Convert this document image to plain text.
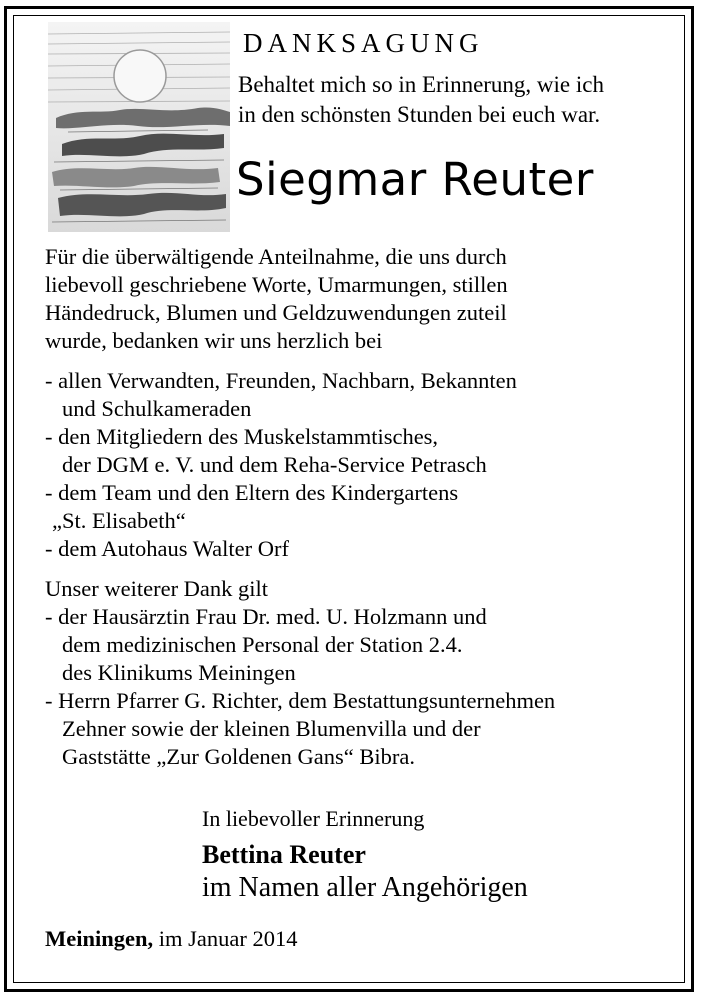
DANKSAGUNG
Behaltet mich so in Erinnerung, wie ich
in den schönsten Stunden bei euch war.
Siegmar Reuter
Für die überwältigende Anteilnahme, die uns durch
liebevoll geschriebene Worte, Umarmungen, stillen
Händedruck, Blumen und Geldzuwendungen zuteil
wurde, bedanken wir uns herzlich bei
- allen Verwandten, Freunden, Nachbarn, Bekannten
und Schulkameraden
- den Mitgliedern des Muskelstammtisches,
der DGM e. V. und dem Reha-Service Petrasch
- dem Team und den Eltern des Kindergartens
„St. Elisabeth“
- dem Autohaus Walter Orf
Unser weiterer Dank gilt
- der Hausärztin Frau Dr. med. U. Holzmann und
dem medizinischen Personal der Station 2.4.
des Klinikums Meiningen
- Herrn Pfarrer G. Richter, dem Bestattungsunternehmen
Zehner sowie der kleinen Blumenvilla und der
Gaststätte „Zur Goldenen Gans“ Bibra.
In liebevoller Erinnerung
Bettina Reuter
im Namen aller Angehörigen
Meiningen, im Januar 2014
